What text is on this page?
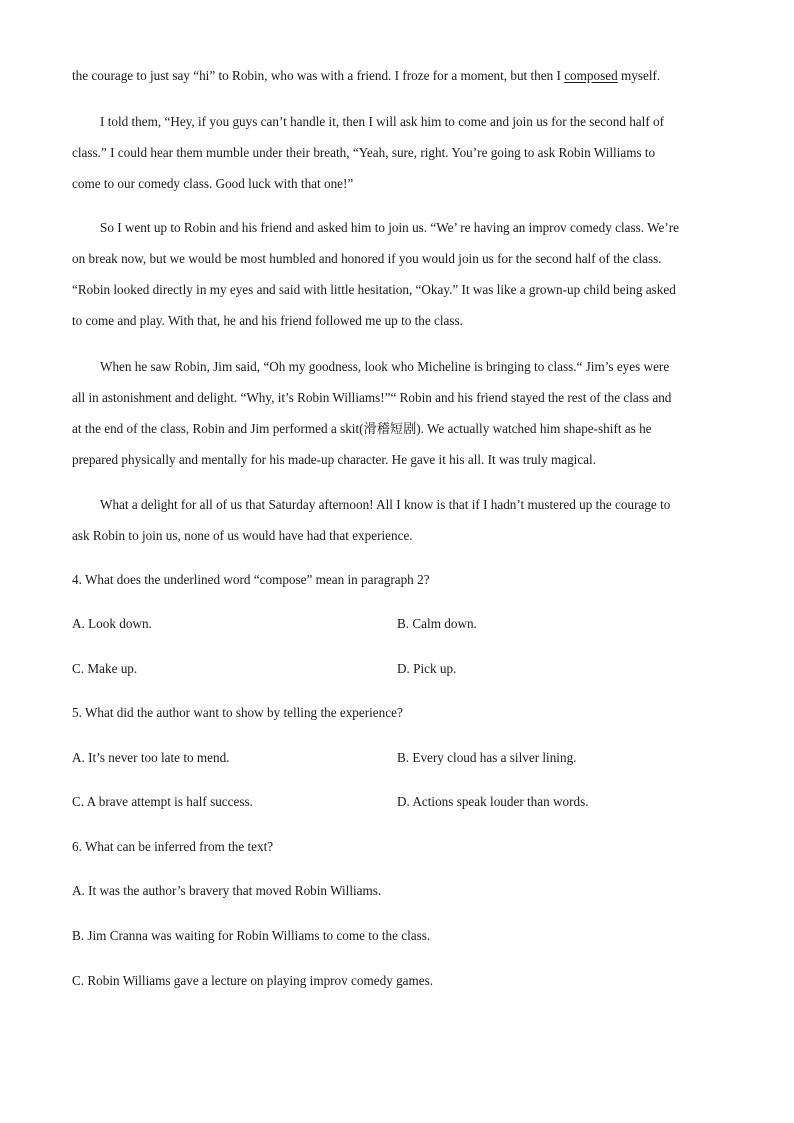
the courage to just say “hi” to Robin, who was with a friend. I froze for a moment, but then I composed myself.
I told them, “Hey, if you guys can’t handle it, then I will ask him to come and join us for the second half of
class.” I could hear them mumble under their breath, “Yeah, sure, right. You’re going to ask Robin Williams to
come to our comedy class. Good luck with that one!”
So I went up to Robin and his friend and asked him to join us. “We’ re having an improv comedy class. We’re
on break now, but we would be most humbled and honored if you would join us for the second half of the class.
“Robin looked directly in my eyes and said with little hesitation, “Okay.” It was like a grown-up child being asked
to come and play. With that, he and his friend followed me up to the class.
When he saw Robin, Jim said, “Oh my goodness, look who Micheline is bringing to class.“ Jim’s eyes were
all in astonishment and delight. “Why, it’s Robin Williams!”“ Robin and his friend stayed the rest of the class and
at the end of the class, Robin and Jim performed a skit(滑稽短剧). We actually watched him shape-shift as he
prepared physically and mentally for his made-up character. He gave it his all. It was truly magical.
What a delight for all of us that Saturday afternoon! All I know is that if I hadn’t mustered up the courage to
ask Robin to join us, none of us would have had that experience.

4. What does the underlined word “compose” mean in paragraph 2?

A. Look down.	B. Calm down.

C. Make up.	D. Pick up.

5. What did the author want to show by telling the experience?

A. It’s never too late to mend.	B. Every cloud has a silver lining.

C. A brave attempt is half success.	D. Actions speak louder than words.

6. What can be inferred from the text?

A. It was the author’s bravery that moved Robin Williams.

B. Jim Cranna was waiting for Robin Williams to come to the class.

C. Robin Williams gave a lecture on playing improv comedy games.
